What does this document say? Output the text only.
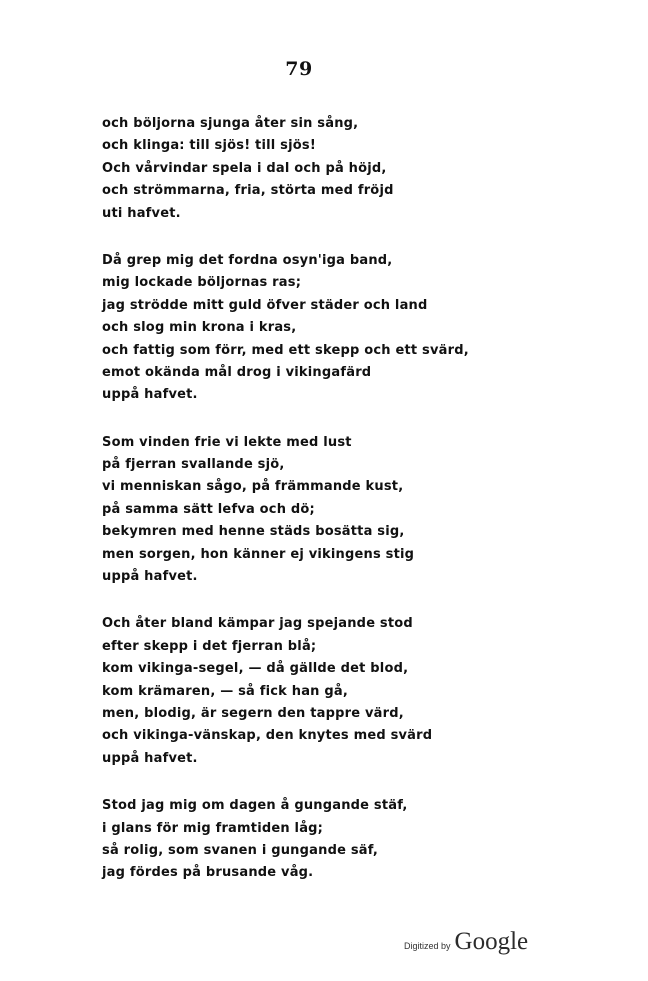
79
och böljorna sjunga åter sin sång,
och klinga: till sjös! till sjös!
Och vårvindar spela i dal och på höjd,
och strömmarna, fria, störta med fröjd
uti hafvet.
Då grep mig det fordna osyn'iga band,
mig lockade böljornas ras;
jag strödde mitt guld öfver städer och land
och slog min krona i kras,
och fattig som förr, med ett skepp och ett svärd,
emot okända mål drog i vikingafärd
uppå hafvet.
Som vinden frie vi lekte med lust
på fjerran svallande sjö,
vi menniskan sågo, på främmande kust,
på samma sätt lefva och dö;
bekymren med henne städs bosätta sig,
men sorgen, hon känner ej vikingens stig
uppå hafvet.
Och åter bland kämpar jag spejande stod
efter skepp i det fjerran blå;
kom vikinga-segel, — då gällde det blod,
kom krämaren, — så fick han gå,
men, blodig, är segern den tappre värd,
och vikinga-vänskap, den knytes med svärd
uppå hafvet.
Stod jag mig om dagen å gungande stäf,
i glans för mig framtiden låg;
så rolig, som svanen i gungande säf,
jag fördes på brusande våg.
Digitized by Google
